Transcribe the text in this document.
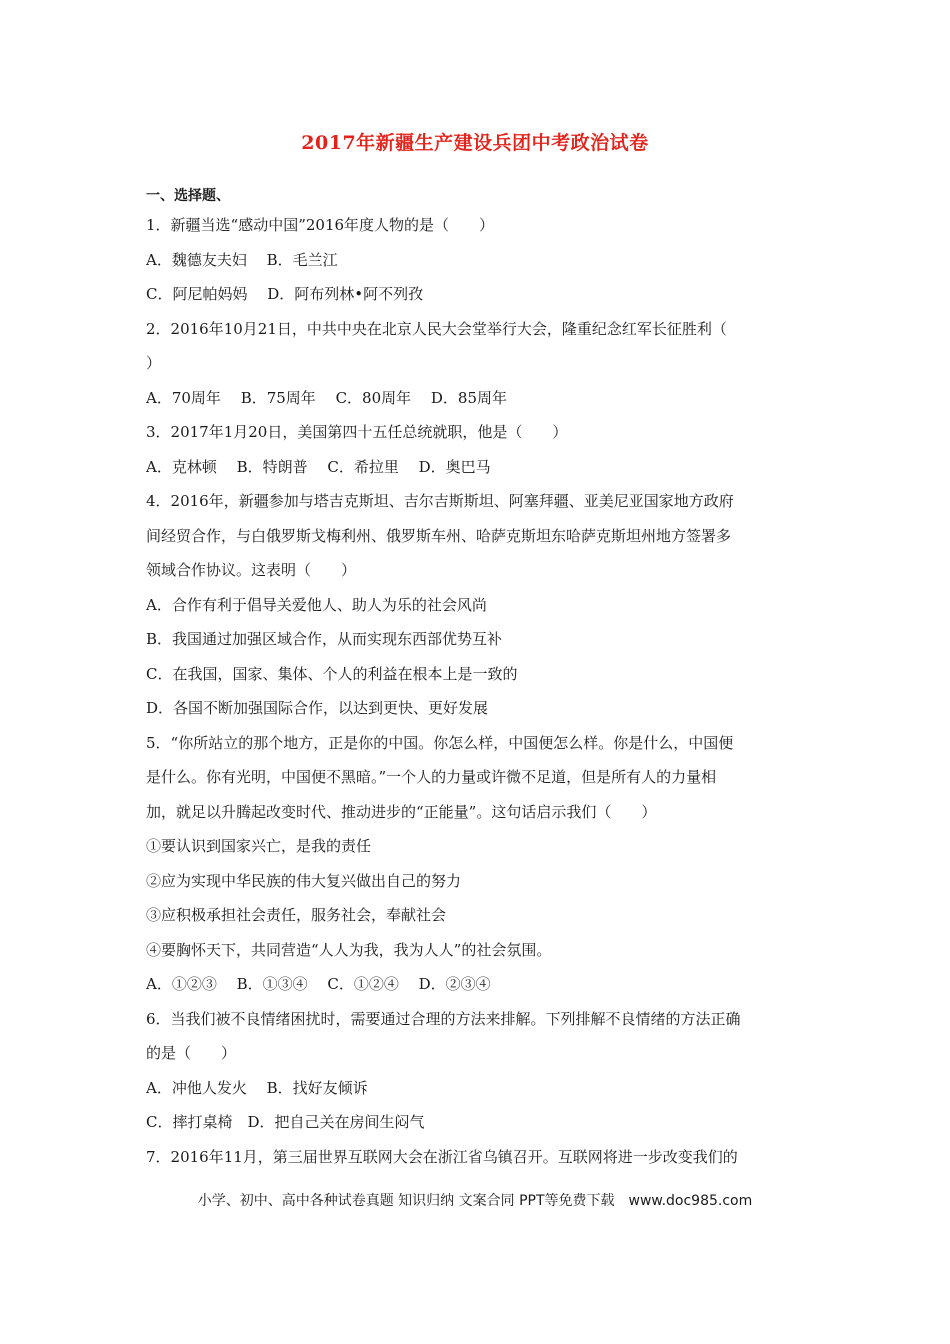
2017年新疆生产建设兵团中考政治试卷
一、选择题、
1．新疆当选“感动中国”2016年度人物的是（　　）
A．魏德友夫妇　 B．毛兰江
C．阿尼帕妈妈　 D．阿布列林•阿不列孜
2．2016年10月21日，中共中央在北京人民大会堂举行大会，隆重纪念红军长征胜利（
）
A．70周年　 B．75周年　 C．80周年　 D．85周年
3．2017年1月20日，美国第四十五任总统就职，他是（　　）
A．克林顿　 B．特朗普　 C．希拉里　 D．奥巴马
4．2016年，新疆参加与塔吉克斯坦、吉尔吉斯斯坦、阿塞拜疆、亚美尼亚国家地方政府
间经贸合作，与白俄罗斯戈梅利州、俄罗斯车州、哈萨克斯坦东哈萨克斯坦州地方签署多
领域合作协议。这表明（　　）
A．合作有利于倡导关爱他人、助人为乐的社会风尚
B．我国通过加强区域合作，从而实现东西部优势互补
C．在我国，国家、集体、个人的利益在根本上是一致的
D．各国不断加强国际合作，以达到更快、更好发展
5．“你所站立的那个地方，正是你的中国。你怎么样，中国便怎么样。你是什么，中国便
是什么。你有光明，中国便不黑暗。”一个人的力量或许微不足道，但是所有人的力量相
加，就足以升腾起改变时代、推动进步的“正能量”。这句话启示我们（　　）
①要认识到国家兴亡，是我的责任
②应为实现中华民族的伟大复兴做出自己的努力
③应积极承担社会责任，服务社会，奉献社会
④要胸怀天下，共同营造“人人为我，我为人人”的社会氛围。
A．①②③　 B．①③④　 C．①②④　 D．②③④
6．当我们被不良情绪困扰时，需要通过合理的方法来排解。下列排解不良情绪的方法正确
的是（　　）
A．冲他人发火　 B．找好友倾诉
C．摔打桌椅　D．把自己关在房间生闷气
7．2016年11月，第三届世界互联网大会在浙江省乌镇召开。互联网将进一步改变我们的
小学、初中、高中各种试卷真题 知识归纳 文案合同 PPT等免费下载　www.doc985.com
